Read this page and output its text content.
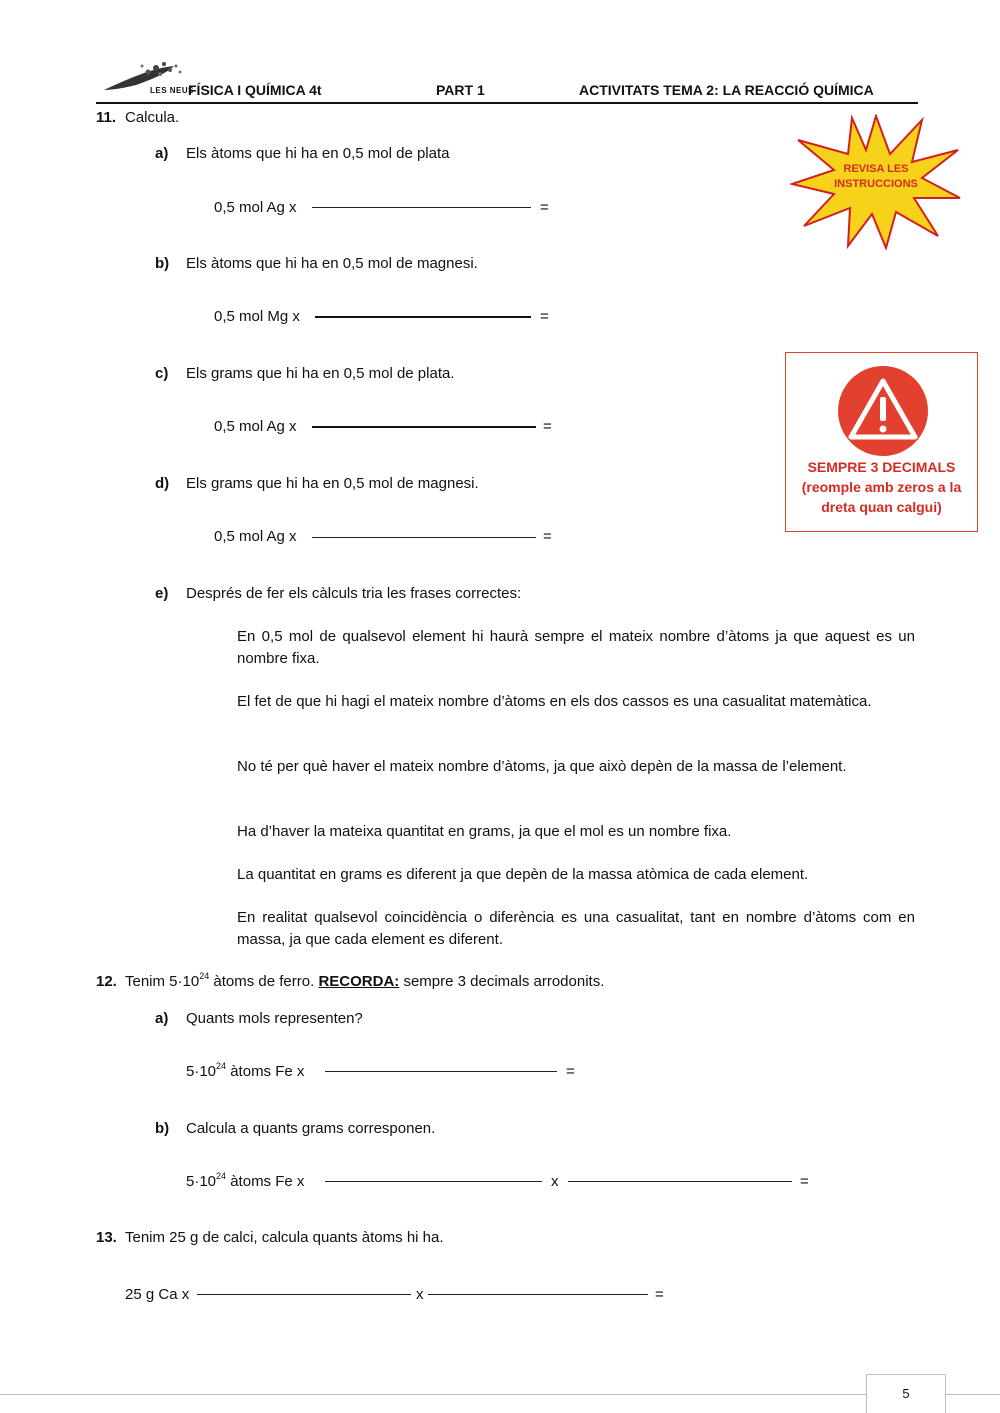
LES NEUS
FÍSICA I QUÍMICA 4t	PART 1	ACTIVITATS TEMA 2: LA REACCIÓ QUÍMICA
REVISA LES INSTRUCCIONS
SEMPRE 3 DECIMALS
(reomple amb zeros a la
dreta quan calgui)
11. Calcula.
a) Els àtoms que hi ha en 0,5 mol de plata
0,5 mol Ag x	=
b) Els àtoms que hi ha en 0,5 mol de magnesi.
0,5 mol Mg x	=
c) Els grams que hi ha en 0,5 mol de plata.
0,5 mol Ag x	=
d) Els grams que hi ha en 0,5 mol de magnesi.
0,5 mol Ag x	=
e) Després de fer els càlculs tria les frases correctes:
En 0,5 mol de qualsevol element hi haurà sempre el mateix nombre d’àtoms ja que aquest es un nombre fixa.
El fet de que hi hagi el mateix nombre d’àtoms en els dos cassos es una casualitat matemàtica.
No té per què haver el mateix nombre d’àtoms, ja que això depèn de la massa de l’element.
Ha d’haver la mateixa quantitat en grams, ja que el mol es un nombre fixa.
La quantitat en grams es diferent ja que depèn de la massa atòmica de cada element.
En realitat qualsevol coincidència o diferència es una casualitat, tant en nombre d’àtoms com en massa, ja que cada element es diferent.
12. Tenim $5\cdot 10^{24}$ àtoms de ferro. RECORDA: sempre 3 decimals arrodonits.
a) Quants mols representen?
$5\cdot 10^{24}$ àtoms Fe x	=
b) Calcula a quants grams corresponen.
$5\cdot 10^{24}$ àtoms Fe x	x	=
13. Tenim 25 g de calci, calcula quants àtoms hi ha.
25 g Ca x	x	=
5
